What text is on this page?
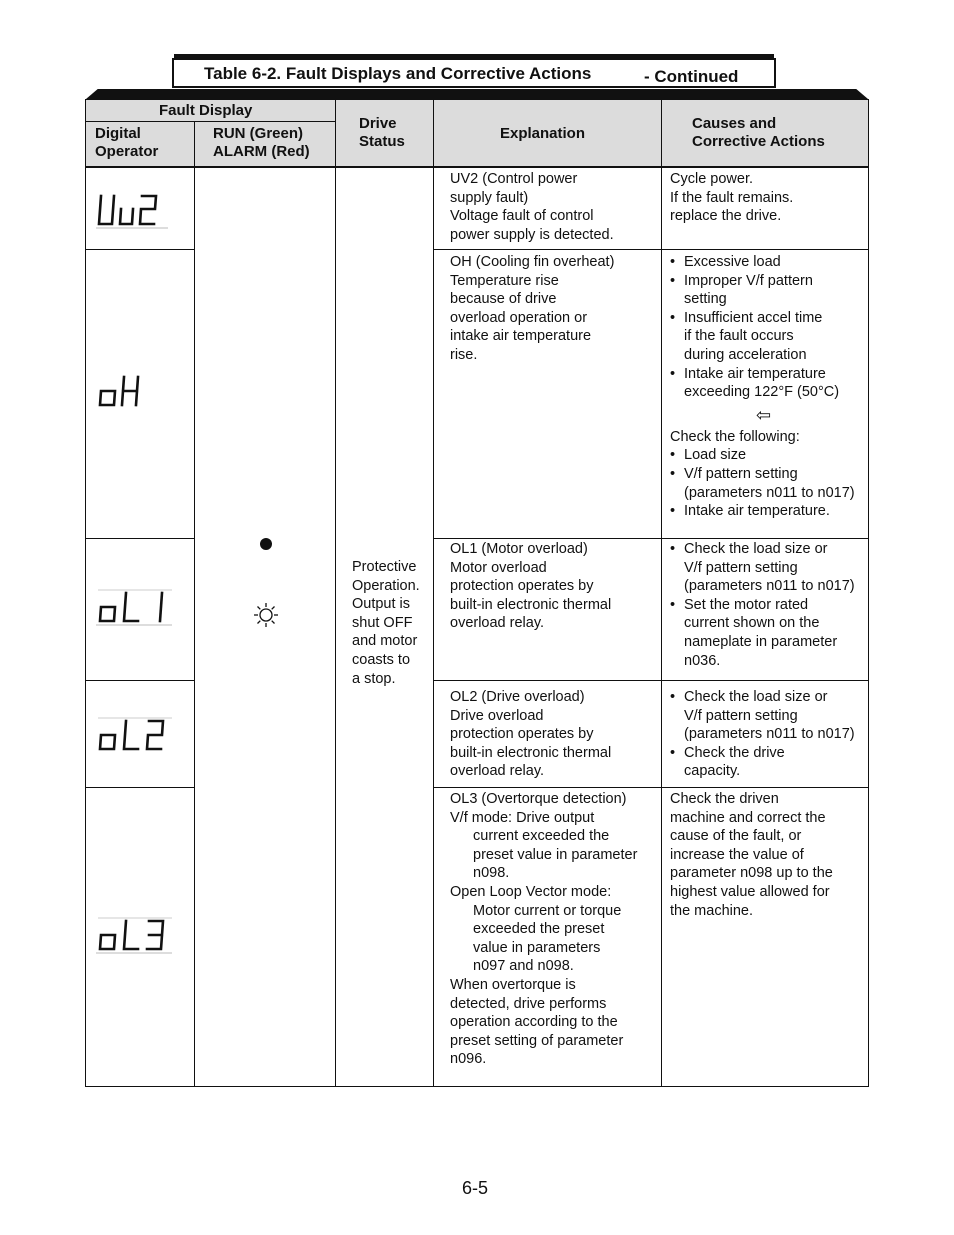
Table 6-2. Fault Displays and Corrective Actions	- Continued
Fault Display
Digital
Operator
RUN (Green)
ALARM (Red)
Drive
Status	Explanation
Causes and
Corrective Actions
Protective
Operation.
Output is
shut OFF
and motor
coasts to
a stop.
UV2 (Control power
supply fault)
Voltage fault of control
power supply is detected.
Cycle power.
If the fault remains.
replace the drive.
OH (Cooling fin overheat)
Temperature rise
because of drive
overload operation or
intake air temperature
rise.
• Excessive load
• Improper V/f pattern
setting
• Insufficient accel time
if the fault occurs
during acceleration
• Intake air temperature
exceeding 122°F (50°C)
⇦
Check the following:
• Load size
• V/f pattern setting
(parameters n011 to n017)
• Intake air temperature.
OL1 (Motor overload)
Motor overload
protection operates by
built-in electronic thermal
overload relay.
• Check the load size or
V/f pattern setting
(parameters n011 to n017)
• Set the motor rated
current shown on the
nameplate in parameter
n036.
OL2 (Drive overload)
Drive overload
protection operates by
built-in electronic thermal
overload relay.
• Check the load size or
V/f pattern setting
(parameters n011 to n017)
• Check the drive
capacity.
OL3 (Overtorque detection)
V/f mode: Drive output
current exceeded the
preset value in parameter
n098.
Open Loop Vector mode:
Motor current or torque
exceeded the preset
value in parameters
n097 and n098.
When overtorque is
detected, drive performs
operation according to the
preset setting of parameter
n096.
Check the driven
machine and correct the
cause of the fault, or
increase the value of
parameter n098 up to the
highest value allowed for
the machine.
6-5
